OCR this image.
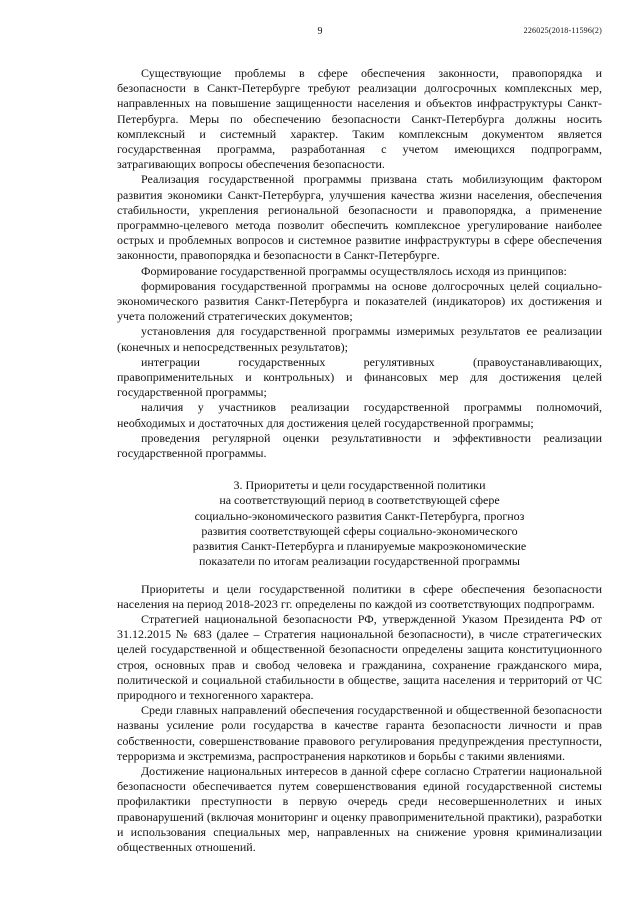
9	226025(2018-11596(2)

Существующие проблемы в сфере обеспечения законности, правопорядка и безопасности в Санкт-Петербурге требуют реализации долгосрочных комплексных мер, направленных на повышение защищенности населения и объектов инфраструктуры Санкт-Петербурга. Меры по обеспечению безопасности Санкт-Петербурга должны носить комплексный и системный характер. Таким комплексным документом является государственная программа, разработанная с учетом имеющихся подпрограмм, затрагивающих вопросы обеспечения безопасности.

Реализация государственной программы призвана стать мобилизующим фактором развития экономики Санкт-Петербурга, улучшения качества жизни населения, обеспечения стабильности, укрепления региональной безопасности и правопорядка, а применение программно-целевого метода позволит обеспечить комплексное урегулирование наиболее острых и проблемных вопросов и системное развитие инфраструктуры в сфере обеспечения законности, правопорядка и безопасности в Санкт-Петербурге.

Формирование государственной программы осуществлялось исходя из принципов:

формирования государственной программы на основе долгосрочных целей социально-экономического развития Санкт-Петербурга и показателей (индикаторов) их достижения и учета положений стратегических документов;

установления для государственной программы измеримых результатов ее реализации (конечных и непосредственных результатов);

интеграции государственных регулятивных (правоустанавливающих, правоприменительных и контрольных) и финансовых мер для достижения целей государственной программы;

наличия у участников реализации государственной программы полномочий, необходимых и достаточных для достижения целей государственной программы;

проведения регулярной оценки результативности и эффективности реализации государственной программы.

3. Приоритеты и цели государственной политики
на соответствующий период в соответствующей сфере
социально-экономического развития Санкт-Петербурга, прогноз
развития соответствующей сферы социально-экономического
развития Санкт-Петербурга и планируемые макроэкономические
показатели по итогам реализации государственной программы

Приоритеты и цели государственной политики в сфере обеспечения безопасности населения на период 2018-2023 гг. определены по каждой из соответствующих подпрограмм.

Стратегией национальной безопасности РФ, утвержденной Указом Президента РФ от 31.12.2015 № 683 (далее – Стратегия национальной безопасности), в числе стратегических целей государственной и общественной безопасности определены защита конституционного строя, основных прав и свобод человека и гражданина, сохранение гражданского мира, политической и социальной стабильности в обществе, защита населения и территорий от ЧС природного и техногенного характера.

Среди главных направлений обеспечения государственной и общественной безопасности названы усиление роли государства в качестве гаранта безопасности личности и прав собственности, совершенствование правового регулирования предупреждения преступности, терроризма и экстремизма, распространения наркотиков и борьбы с такими явлениями.

Достижение национальных интересов в данной сфере согласно Стратегии национальной безопасности обеспечивается путем совершенствования единой государственной системы профилактики преступности в первую очередь среди несовершеннолетних и иных правонарушений (включая мониторинг и оценку правоприменительной практики), разработки и использования специальных мер, направленных на снижение уровня криминализации общественных отношений.
